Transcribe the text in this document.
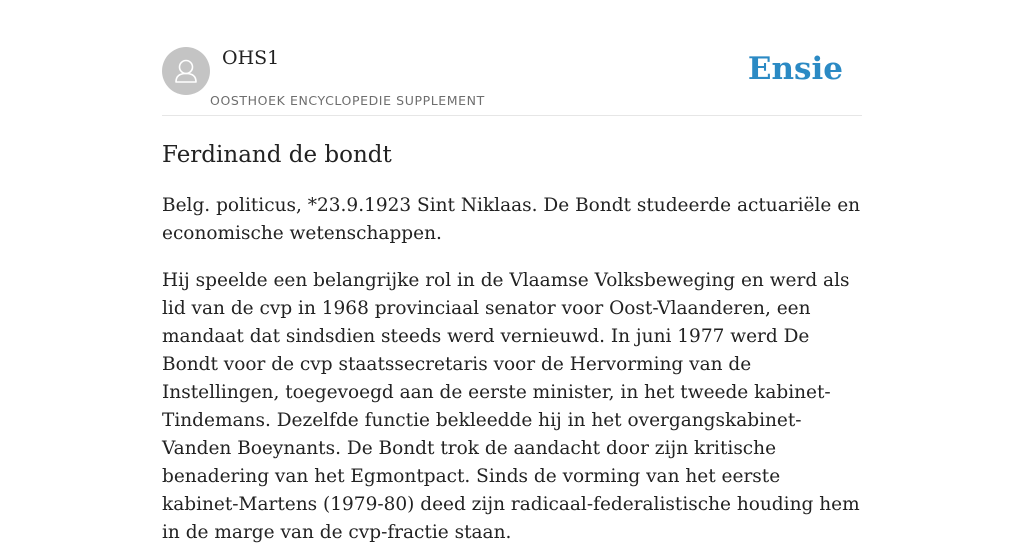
OHS1
OOSTHOEK ENCYCLOPEDIE SUPPLEMENT
Ensie
Ferdinand de bondt

Belg. politicus, *23.9.1923 Sint Niklaas. De Bondt studeerde actuariële en economische wetenschappen.

Hij speelde een belangrijke rol in de Vlaamse Volksbeweging en werd als lid van de cvp in 1968 provinciaal senator voor Oost-Vlaanderen, een mandaat dat sindsdien steeds werd vernieuwd. In juni 1977 werd De Bondt voor de cvp staatssecretaris voor de Hervorming van de Instellingen, toegevoegd aan de eerste minister, in het tweede kabinet-Tindemans. Dezelfde functie bekleedde hij in het overgangskabinet-Vanden Boeynants. De Bondt trok de aandacht door zijn kritische benadering van het Egmontpact. Sinds de vorming van het eerste kabinet-Martens (1979-80) deed zijn radicaal-federalistische houding hem in de marge van de cvp-fractie staan.
